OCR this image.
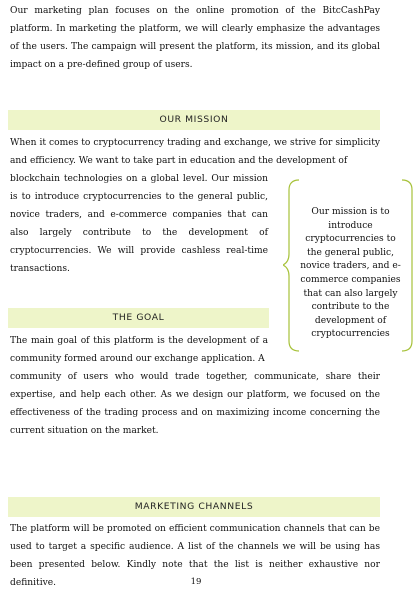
Our marketing plan focuses on the online promotion of the BitcCashPay platform. In marketing the platform, we will clearly emphasize the advantages of the users. The campaign will present the platform, its mission, and its global impact on a pre-defined group of users.

OUR MISSION

When it comes to cryptocurrency trading and exchange, we strive for simplicity and efficiency. We want to take part in education and the development of

blockchain technologies on a global level. Our mission is to introduce cryptocurrencies to the general public, novice traders, and e-commerce companies that can also largely contribute to the development of cryptocurrencies. We will provide cashless real-time transactions.

Our mission is to introduce cryptocurrencies to the general public, novice traders, and e-commerce companies that can also largely contribute to the development of cryptocurrencies
THE GOAL

The main goal of this platform is the development of a community formed around our exchange application. A

community of users who would trade together, communicate, share their expertise, and help each other. As we design our platform, we focused on the effectiveness of the trading process and on maximizing income concerning the current situation on the market.

MARKETING CHANNELS

The platform will be promoted on efficient communication channels that can be used to target a specific audience. A list of the channels we will be using has been presented below. Kindly note that the list is neither exhaustive nor definitive.	19
